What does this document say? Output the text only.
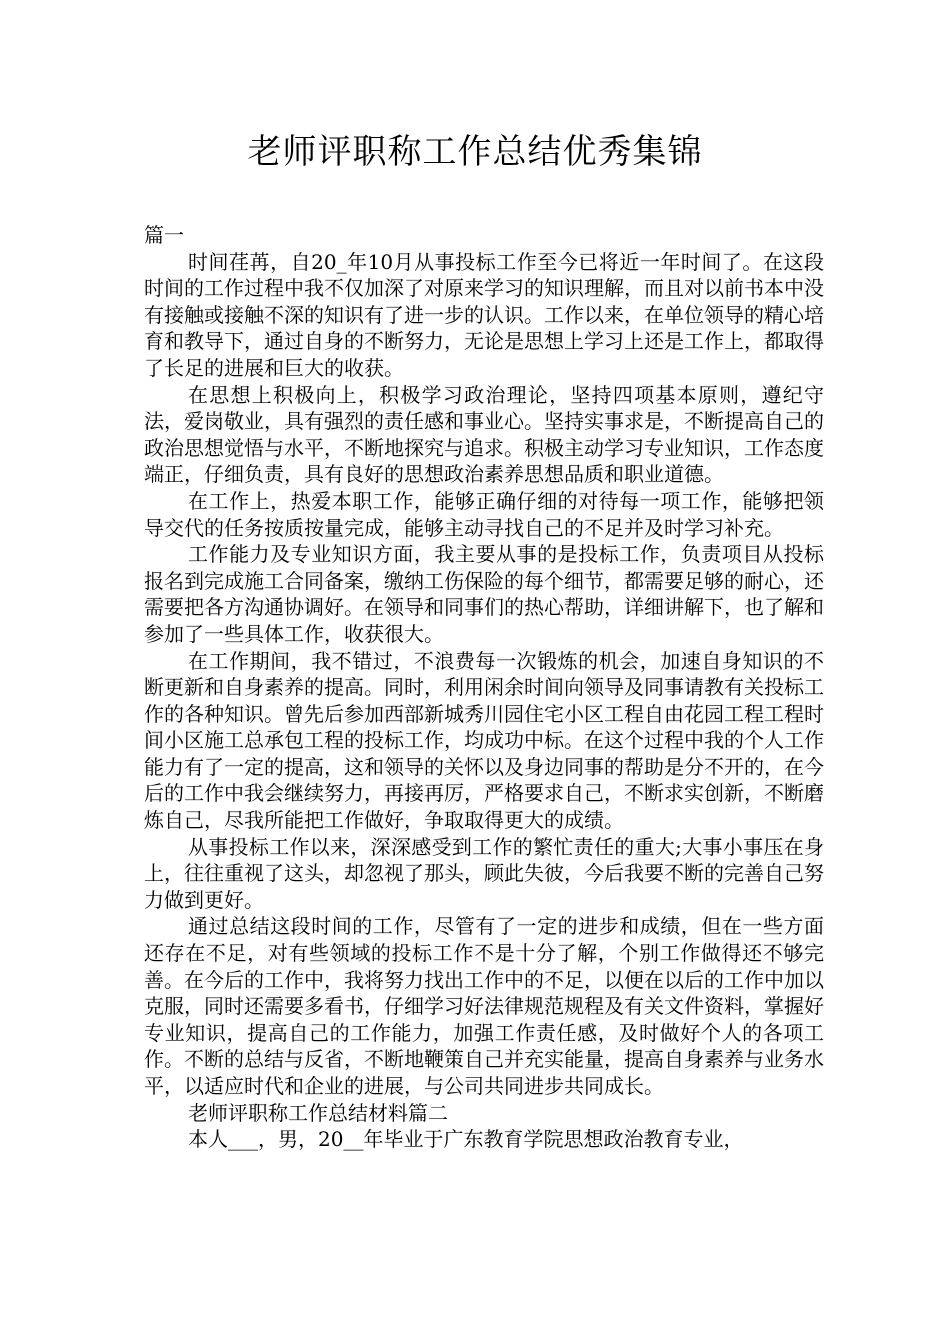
老师评职称工作总结优秀集锦

篇一

时间荏苒，自20_年10月从事投标工作至今已将近一年时间了。在这段时间的工作过程中我不仅加深了对原来学习的知识理解，而且对以前书本中没有接触或接触不深的知识有了进一步的认识。工作以来，在单位领导的精心培育和教导下，通过自身的不断努力，无论是思想上学习上还是工作上，都取得了长足的进展和巨大的收获。

在思想上积极向上，积极学习政治理论，坚持四项基本原则，遵纪守法，爱岗敬业，具有强烈的责任感和事业心。坚持实事求是，不断提高自己的政治思想觉悟与水平，不断地探究与追求。积极主动学习专业知识，工作态度端正，仔细负责，具有良好的思想政治素养思想品质和职业道德。

在工作上，热爱本职工作，能够正确仔细的对待每一项工作，能够把领导交代的任务按质按量完成，能够主动寻找自己的不足并及时学习补充。

工作能力及专业知识方面，我主要从事的是投标工作，负责项目从投标报名到完成施工合同备案，缴纳工伤保险的每个细节，都需要足够的耐心，还需要把各方沟通协调好。在领导和同事们的热心帮助，详细讲解下，也了解和参加了一些具体工作，收获很大。

在工作期间，我不错过，不浪费每一次锻炼的机会，加速自身知识的不断更新和自身素养的提高。同时，利用闲余时间向领导及同事请教有关投标工作的各种知识。曾先后参加西部新城秀川园住宅小区工程自由花园工程工程时间小区施工总承包工程的投标工作，均成功中标。在这个过程中我的个人工作能力有了一定的提高，这和领导的关怀以及身边同事的帮助是分不开的，在今后的工作中我会继续努力，再接再厉，严格要求自己，不断求实创新，不断磨炼自己，尽我所能把工作做好，争取取得更大的成绩。

从事投标工作以来，深深感受到工作的繁忙责任的重大;大事小事压在身上，往往重视了这头，却忽视了那头，顾此失彼，今后我要不断的完善自己努力做到更好。

通过总结这段时间的工作，尽管有了一定的进步和成绩，但在一些方面还存在不足，对有些领域的投标工作不是十分了解，个别工作做得还不够完善。在今后的工作中，我将努力找出工作中的不足，以便在以后的工作中加以克服，同时还需要多看书，仔细学习好法律规范规程及有关文件资料，掌握好专业知识，提高自己的工作能力，加强工作责任感，及时做好个人的各项工作。不断的总结与反省，不断地鞭策自己并充实能量，提高自身素养与业务水平，以适应时代和企业的进展，与公司共同进步共同成长。

老师评职称工作总结材料篇二

本人___，男，20__年毕业于广东教育学院思想政治教育专业，
